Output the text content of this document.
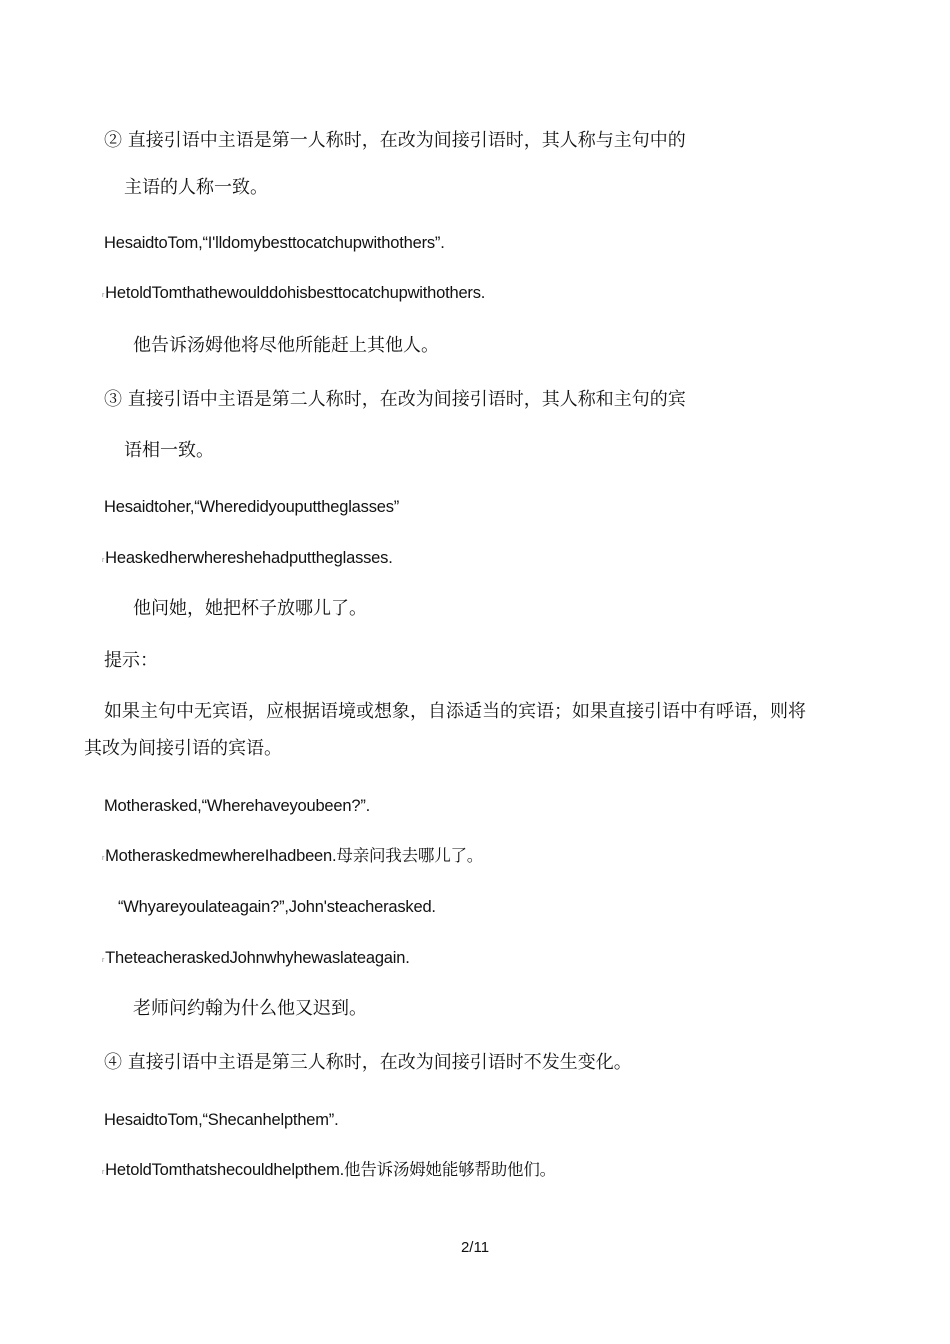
② 直接引语中主语是第一人称时，在改为间接引语时，其人称与主句中的
主语的人称一致。
HesaidtoTom,“I'lldomybesttocatchupwithothers”.
rHetoldTomthathewoulddohisbesttocatchupwithothers.
他告诉汤姆他将尽他所能赶上其他人。
③ 直接引语中主语是第二人称时，在改为间接引语时，其人称和主句的宾
语相一致。
Hesaidtoher,“Wheredidyouputtheglasses”
rHeaskedherwhereshehadputtheglasses.
他问她，她把杯子放哪儿了。
提示：
如果主句中无宾语，应根据语境或想象，自添适当的宾语；如果直接引语中有呼语，则将
其改为间接引语的宾语。
Motherasked,“Wherehaveyoubeen?”.
rMotheraskedmewhereIhadbeen.母亲问我去哪儿了。
“Whyareyoulateagain?”,John'steacherasked.
rTheteacheraskedJohnwhyhewaslateagain.
老师问约翰为什么他又迟到。
④ 直接引语中主语是第三人称时，在改为间接引语时不发生变化。
HesaidtoTom,“Shecanhelpthem”.
rHetoldTomthatshecouldhelpthem.他告诉汤姆她能够帮助他们。
2/11
